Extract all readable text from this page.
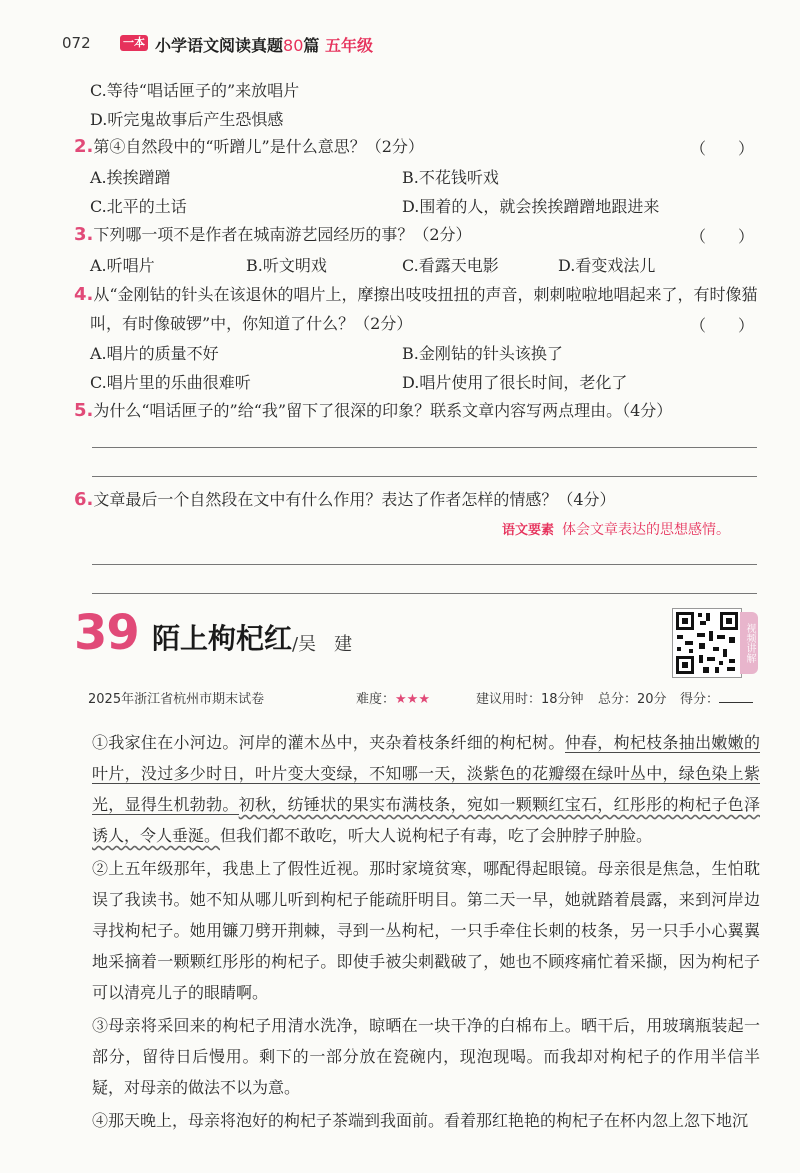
072	一本 小学语文阅读真题80篇 五年级
C.等待“唱话匣子的”来放唱片
D.听完鬼故事后产生恐惧感
2.第④自然段中的“听蹭儿”是什么意思？（2分）	（　　）
A.挨挨蹭蹭	B.不花钱听戏
C.北平的土话	D.围着的人，就会挨挨蹭蹭地跟进来
3.下列哪一项不是作者在城南游艺园经历的事？（2分）	（　　）
A.听唱片	B.听文明戏	C.看露天电影	D.看变戏法儿
4.从“金刚钻的针头在该退休的唱片上，摩擦出吱吱扭扭的声音，刺刺啦啦地唱起来了，有时像猫
叫，有时像破锣”中，你知道了什么？（2分）	（　　）
A.唱片的质量不好	B.金刚钻的针头该换了
C.唱片里的乐曲很难听	D.唱片使用了很长时间，老化了
5.为什么“唱话匣子的”给“我”留下了很深的印象？联系文章内容写两点理由。（4分）
6.文章最后一个自然段在文中有什么作用？表达了作者怎样的情感？（4分）
语文要素 体会文章表达的思想感情。
39 陌上枸杞红 /吴　建	视频讲解
2025年浙江省杭州市期末试卷	难度：★★★	建议用时：18分钟 总分：20分 得分：

①我家住在小河边。河岸的灌木丛中，夹杂着枝条纤细的枸杞树。仲春，枸杞枝条抽出嫩嫩的叶片，没过多少时日，叶片变大变绿，不知哪一天，淡紫色的花瓣缀在绿叶丛中，绿色染上紫光，显得生机勃勃。初秋，纺锤状的果实布满枝条，宛如一颗颗红宝石，红彤彤的枸杞子色泽诱人，令人垂涎。但我们都不敢吃，听大人说枸杞子有毒，吃了会肿脖子肿脸。

②上五年级那年，我患上了假性近视。那时家境贫寒，哪配得起眼镜。母亲很是焦急，生怕耽误了我读书。她不知从哪儿听到枸杞子能疏肝明目。第二天一早，她就踏着晨露，来到河岸边寻找枸杞子。她用镰刀劈开荆棘，寻到一丛枸杞，一只手牵住长刺的枝条，另一只手小心翼翼地采摘着一颗颗红彤彤的枸杞子。即使手被尖刺戳破了，她也不顾疼痛忙着采撷，因为枸杞子可以清亮儿子的眼睛啊。

③母亲将采回来的枸杞子用清水洗净，晾晒在一块干净的白棉布上。晒干后，用玻璃瓶装起一部分，留待日后慢用。剩下的一部分放在瓷碗内，现泡现喝。而我却对枸杞子的作用半信半疑，对母亲的做法不以为意。

④那天晚上，母亲将泡好的枸杞子茶端到我面前。看着那红艳艳的枸杞子在杯内忽上忽下地沉
